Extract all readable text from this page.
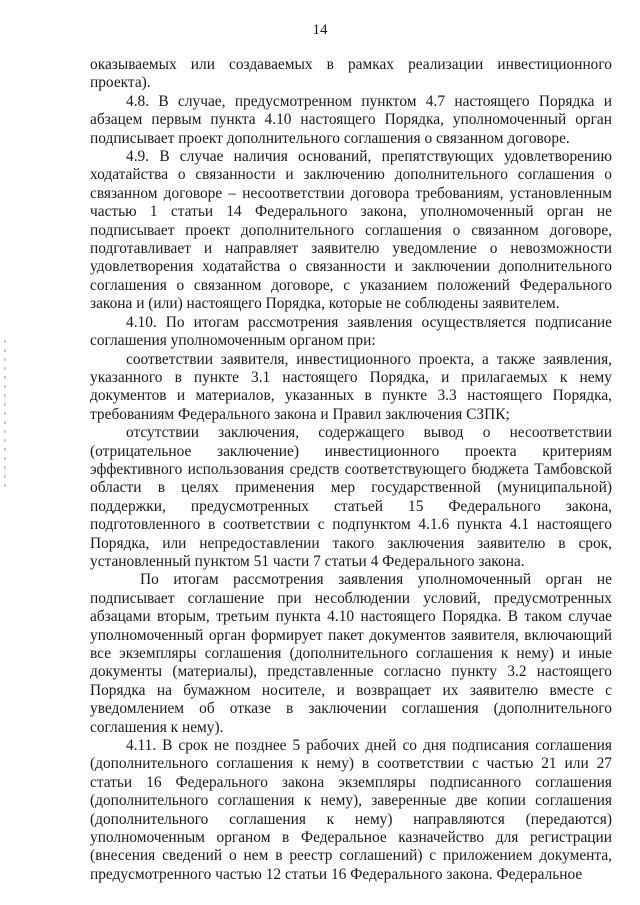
14

оказываемых или создаваемых в рамках реализации инвестиционного проекта).

4.8. В случае, предусмотренном пунктом 4.7 настоящего Порядка и абзацем первым пункта 4.10 настоящего Порядка, уполномоченный орган подписывает проект дополнительного соглашения о связанном договоре.

4.9. В случае наличия оснований, препятствующих удовлетворению ходатайства о связанности и заключению дополнительного соглашения о связанном договоре – несоответствии договора требованиям, установленным частью 1 статьи 14 Федерального закона, уполномоченный орган не подписывает проект дополнительного соглашения о связанном договоре, подготавливает и направляет заявителю уведомление о невозможности удовлетворения ходатайства о связанности и заключении дополнительного соглашения о связанном договоре, с указанием положений Федерального закона и (или) настоящего Порядка, которые не соблюдены заявителем.

4.10. По итогам рассмотрения заявления осуществляется подписание соглашения уполномоченным органом при:

соответствии заявителя, инвестиционного проекта, а также заявления, указанного в пункте 3.1 настоящего Порядка, и прилагаемых к нему документов и материалов, указанных в пункте 3.3 настоящего Порядка, требованиям Федерального закона и Правил заключения СЗПК;

отсутствии заключения, содержащего вывод о несоответствии (отрицательное заключение) инвестиционного проекта критериям эффективного использования средств соответствующего бюджета Тамбовской области в целях применения мер государственной (муниципальной) поддержки, предусмотренных статьей 15 Федерального закона, подготовленного в соответствии с подпунктом 4.1.6 пункта 4.1 настоящего Порядка, или непредоставлении такого заключения заявителю в срок, установленный пунктом 51 части 7 статьи 4 Федерального закона.

По итогам рассмотрения заявления уполномоченный орган не подписывает соглашение при несоблюдении условий, предусмотренных абзацами вторым, третьим пункта 4.10 настоящего Порядка. В таком случае уполномоченный орган формирует пакет документов заявителя, включающий все экземпляры соглашения (дополнительного соглашения к нему) и иные документы (материалы), представленные согласно пункту 3.2 настоящего Порядка на бумажном носителе, и возвращает их заявителю вместе с уведомлением об отказе в заключении соглашения (дополнительного соглашения к нему).

4.11. В срок не позднее 5 рабочих дней со дня подписания соглашения (дополнительного соглашения к нему) в соответствии с частью 21 или 27 статьи 16 Федерального закона экземпляры подписанного соглашения (дополнительного соглашения к нему), заверенные две копии соглашения (дополнительного соглашения к нему) направляются (передаются) уполномоченным органом в Федеральное казначейство для регистрации (внесения сведений о нем в реестр соглашений) с приложением документа, предусмотренного частью 12 статьи 16 Федерального закона. Федеральное
